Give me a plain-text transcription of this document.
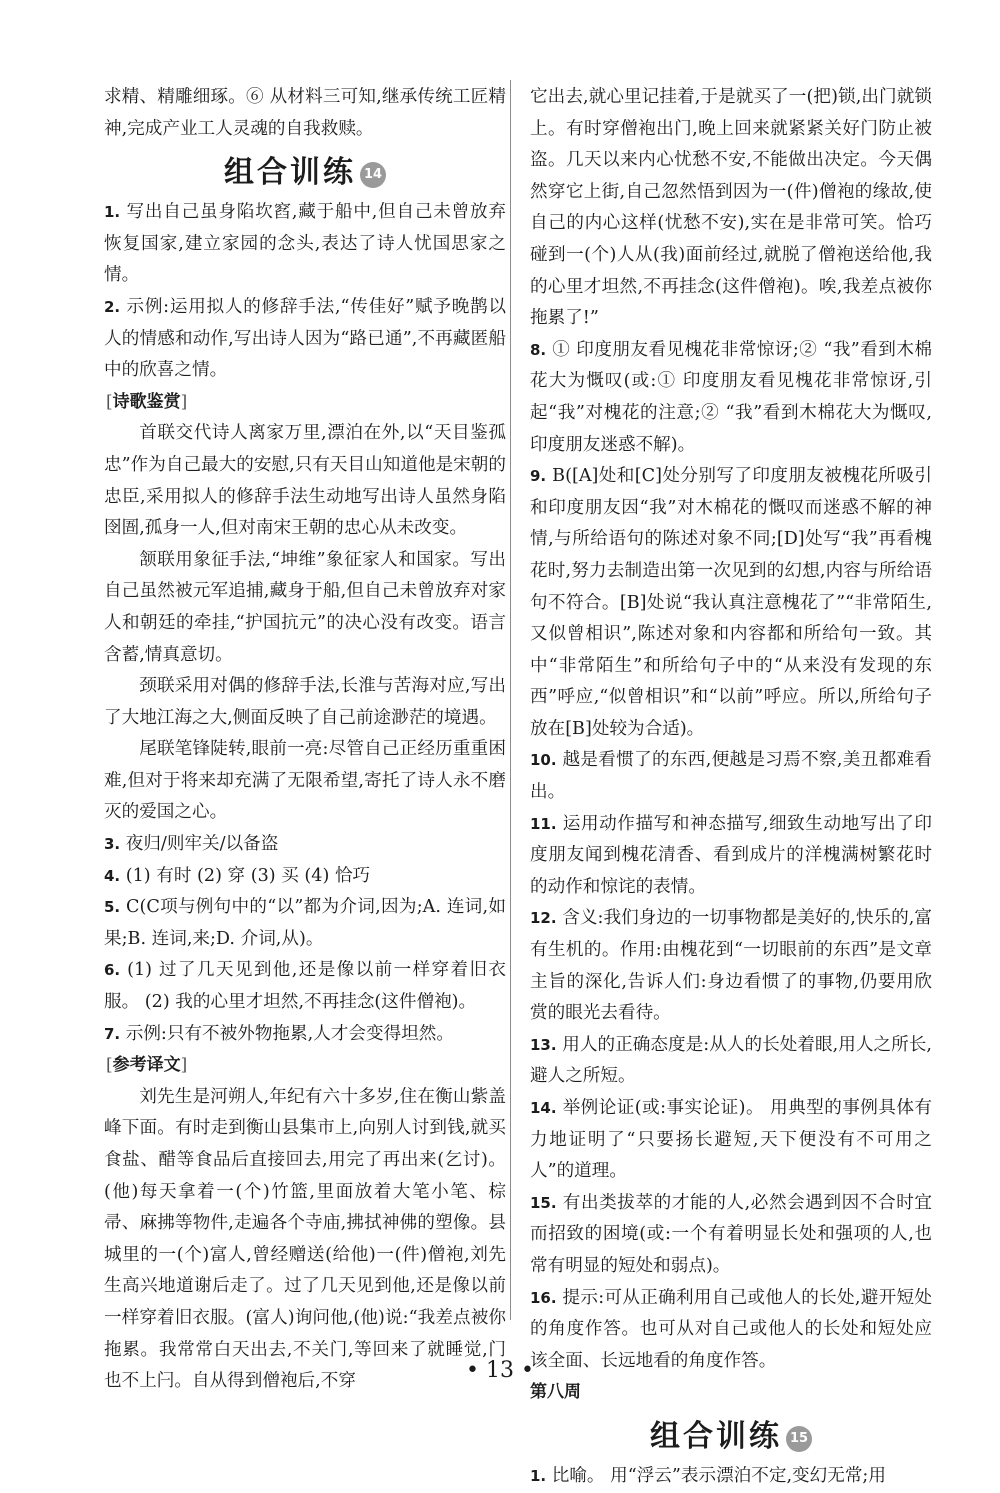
求精、精雕细琢。⑥ 从材料三可知,继承传统工匠精神,完成产业工人灵魂的自我救赎。

组合训练 14

1. 写出自己虽身陷坎窞,藏于船中,但自己未曾放弃恢复国家,建立家园的念头,表达了诗人忧国思家之情。

2. 示例:运用拟人的修辞手法,“传佳好”赋予晚鹊以人的情感和动作,写出诗人因为“路已通”,不再藏匿船中的欣喜之情。

[诗歌鉴赏]

首联交代诗人离家万里,漂泊在外,以“天目鉴孤忠”作为自己最大的安慰,只有天目山知道他是宋朝的忠臣,采用拟人的修辞手法生动地写出诗人虽然身陷囹圄,孤身一人,但对南宋王朝的忠心从未改变。

颔联用象征手法,“坤维”象征家人和国家。写出自己虽然被元军追捕,藏身于船,但自己未曾放弃对家人和朝廷的牵挂,“护国抗元”的决心没有改变。语言含蓄,情真意切。

颈联采用对偶的修辞手法,长淮与苦海对应,写出了大地江海之大,侧面反映了自己前途渺茫的境遇。

尾联笔锋陡转,眼前一亮:尽管自己正经历重重困难,但对于将来却充满了无限希望,寄托了诗人永不磨灭的爱国之心。

3. 夜归/则牢关/以备盗

4. (1) 有时 (2) 穿 (3) 买 (4) 恰巧

5. C(C项与例句中的“以”都为介词,因为;A. 连词,如果;B. 连词,来;D. 介词,从)。

6. (1) 过了几天见到他,还是像以前一样穿着旧衣服。 (2) 我的心里才坦然,不再挂念(这件僧袍)。

7. 示例:只有不被外物拖累,人才会变得坦然。

[参考译文]

刘先生是河朔人,年纪有六十多岁,住在衡山紫盖峰下面。有时走到衡山县集市上,向别人讨到钱,就买食盐、醋等食品后直接回去,用完了再出来(乞讨)。(他)每天拿着一(个)竹篮,里面放着大笔小笔、棕帚、麻拂等物件,走遍各个寺庙,拂拭神佛的塑像。县城里的一(个)富人,曾经赠送(给他)一(件)僧袍,刘先生高兴地道谢后走了。过了几天见到他,还是像以前一样穿着旧衣服。(富人)询问他,(他)说:“我差点被你拖累。我常常白天出去,不关门,等回来了就睡觉,门也不上闩。自从得到僧袍后,不穿

它出去,就心里记挂着,于是就买了一(把)锁,出门就锁上。有时穿僧袍出门,晚上回来就紧紧关好门防止被盗。几天以来内心忧愁不安,不能做出决定。今天偶然穿它上街,自己忽然悟到因为一(件)僧袍的缘故,使自己的内心这样(忧愁不安),实在是非常可笑。恰巧碰到一(个)人从(我)面前经过,就脱了僧袍送给他,我的心里才坦然,不再挂念(这件僧袍)。唉,我差点被你拖累了!”

8. ① 印度朋友看见槐花非常惊讶;② “我”看到木棉花大为慨叹(或:① 印度朋友看见槐花非常惊讶,引起“我”对槐花的注意;② “我”看到木棉花大为慨叹,印度朋友迷惑不解)。

9. B([A]处和[C]处分别写了印度朋友被槐花所吸引和印度朋友因“我”对木棉花的慨叹而迷惑不解的神情,与所给语句的陈述对象不同;[D]处写“我”再看槐花时,努力去制造出第一次见到的幻想,内容与所给语句不符合。[B]处说“我认真注意槐花了”“非常陌生,又似曾相识”,陈述对象和内容都和所给句一致。其中“非常陌生”和所给句子中的“从来没有发现的东西”呼应,“似曾相识”和“以前”呼应。所以,所给句子放在[B]处较为合适)。

10. 越是看惯了的东西,便越是习焉不察,美丑都难看出。

11. 运用动作描写和神态描写,细致生动地写出了印度朋友闻到槐花清香、看到成片的洋槐满树繁花时的动作和惊诧的表情。

12. 含义:我们身边的一切事物都是美好的,快乐的,富有生机的。作用:由槐花到“一切眼前的东西”是文章主旨的深化,告诉人们:身边看惯了的事物,仍要用欣赏的眼光去看待。

13. 用人的正确态度是:从人的长处着眼,用人之所长,避人之所短。

14. 举例论证(或:事实论证)。 用典型的事例具体有力地证明了“只要扬长避短,天下便没有不可用之人”的道理。

15. 有出类拔萃的才能的人,必然会遇到因不合时宜而招致的困境(或:一个有着明显长处和强项的人,也常有明显的短处和弱点)。

16. 提示:可从正确利用自己或他人的长处,避开短处的角度作答。也可从对自己或他人的长处和短处应该全面、长远地看的角度作答。

第八周

组合训练 15

1. 比喻。 用“浮云”表示漂泊不定,变幻无常;用

• 13 •
